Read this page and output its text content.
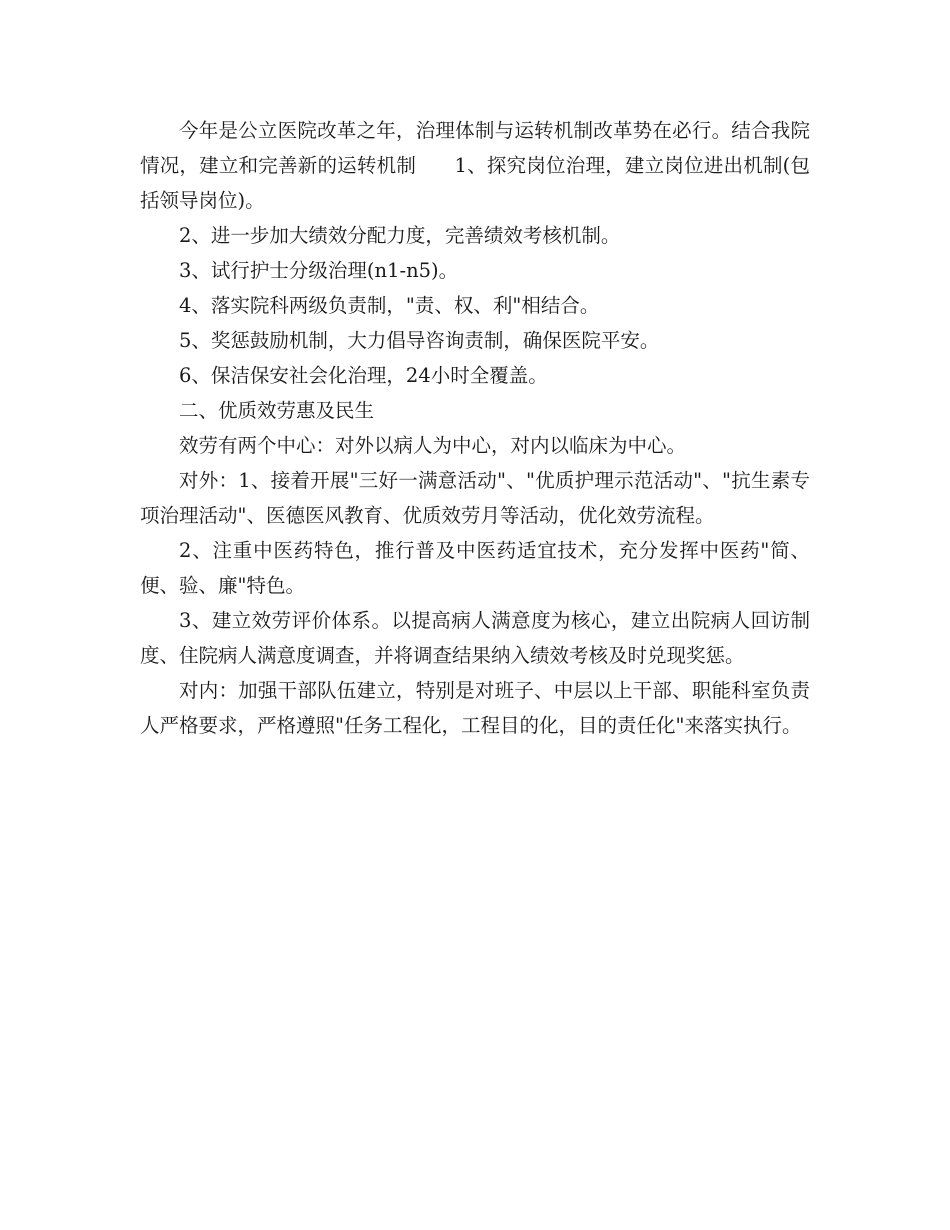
今年是公立医院改革之年，治理体制与运转机制改革势在必行。结合我院情况，建立和完善新的运转机制      1、探究岗位治理，建立岗位进出机制(包括领导岗位)。

2、进一步加大绩效分配力度，完善绩效考核机制。

3、试行护士分级治理(n1-n5)。

4、落实院科两级负责制，"责、权、利"相结合。

5、奖惩鼓励机制，大力倡导咨询责制，确保医院平安。

6、保洁保安社会化治理，24小时全覆盖。

二、优质效劳惠及民生

效劳有两个中心：对外以病人为中心，对内以临床为中心。

对外：1、接着开展"三好一满意活动"、"优质护理示范活动"、"抗生素专项治理活动"、医德医风教育、优质效劳月等活动，优化效劳流程。

2、注重中医药特色，推行普及中医药适宜技术，充分发挥中医药"简、便、验、廉"特色。

3、建立效劳评价体系。以提高病人满意度为核心，建立出院病人回访制度、住院病人满意度调查，并将调查结果纳入绩效考核及时兑现奖惩。

对内：加强干部队伍建立，特别是对班子、中层以上干部、职能科室负责人严格要求，严格遵照"任务工程化，工程目的化，目的责任化"来落实执行。
